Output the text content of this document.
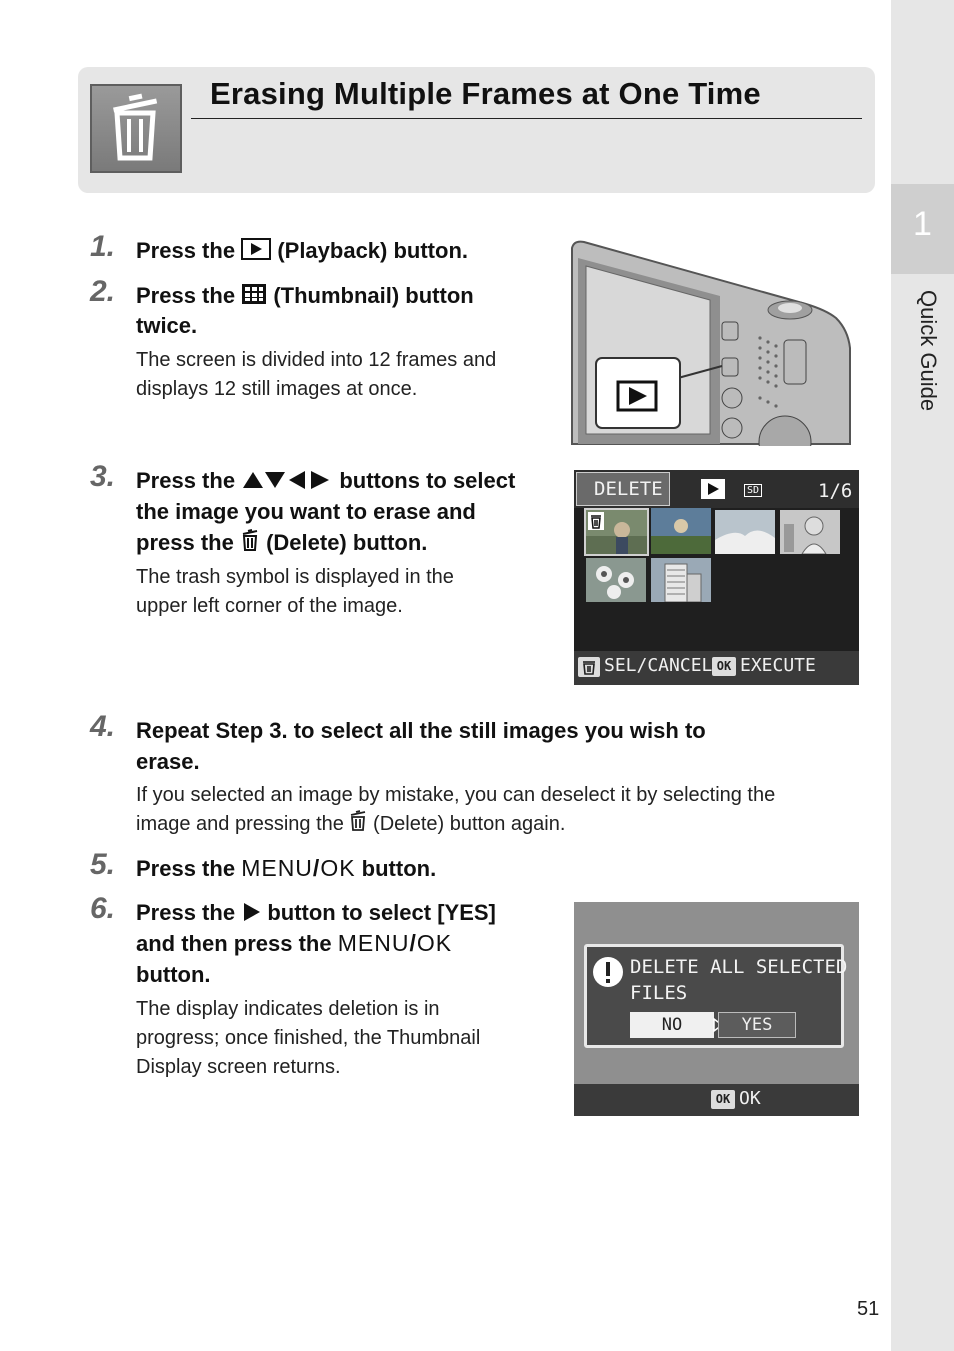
1
Quick Guide
Erasing Multiple Frames at One Time
1. Press the (Playback) button.
2. Press the (Thumbnail) button
twice.
The screen is divided into 12 frames and
displays 12 still images at once.
3. Press the	buttons to select
the image you want to erase and
press the (Delete) button.
The trash symbol is displayed in the
upper left corner of the image.
DELETE	SD	1/6
SEL/CANCEL OK EXECUTE
4. Repeat Step 3. to select all the still images you wish to
erase.
If you selected an image by mistake, you can deselect it by selecting the
image and pressing the (Delete) button again.
5. Press the MENU/OK button.
6. Press the button to select [YES]
and then press the MENU/OK
button.
The display indicates deletion is in
progress; once finished, the Thumbnail
Display screen returns.
DELETE ALL SELECTED
FILES
NO	YES
OK OK
51
